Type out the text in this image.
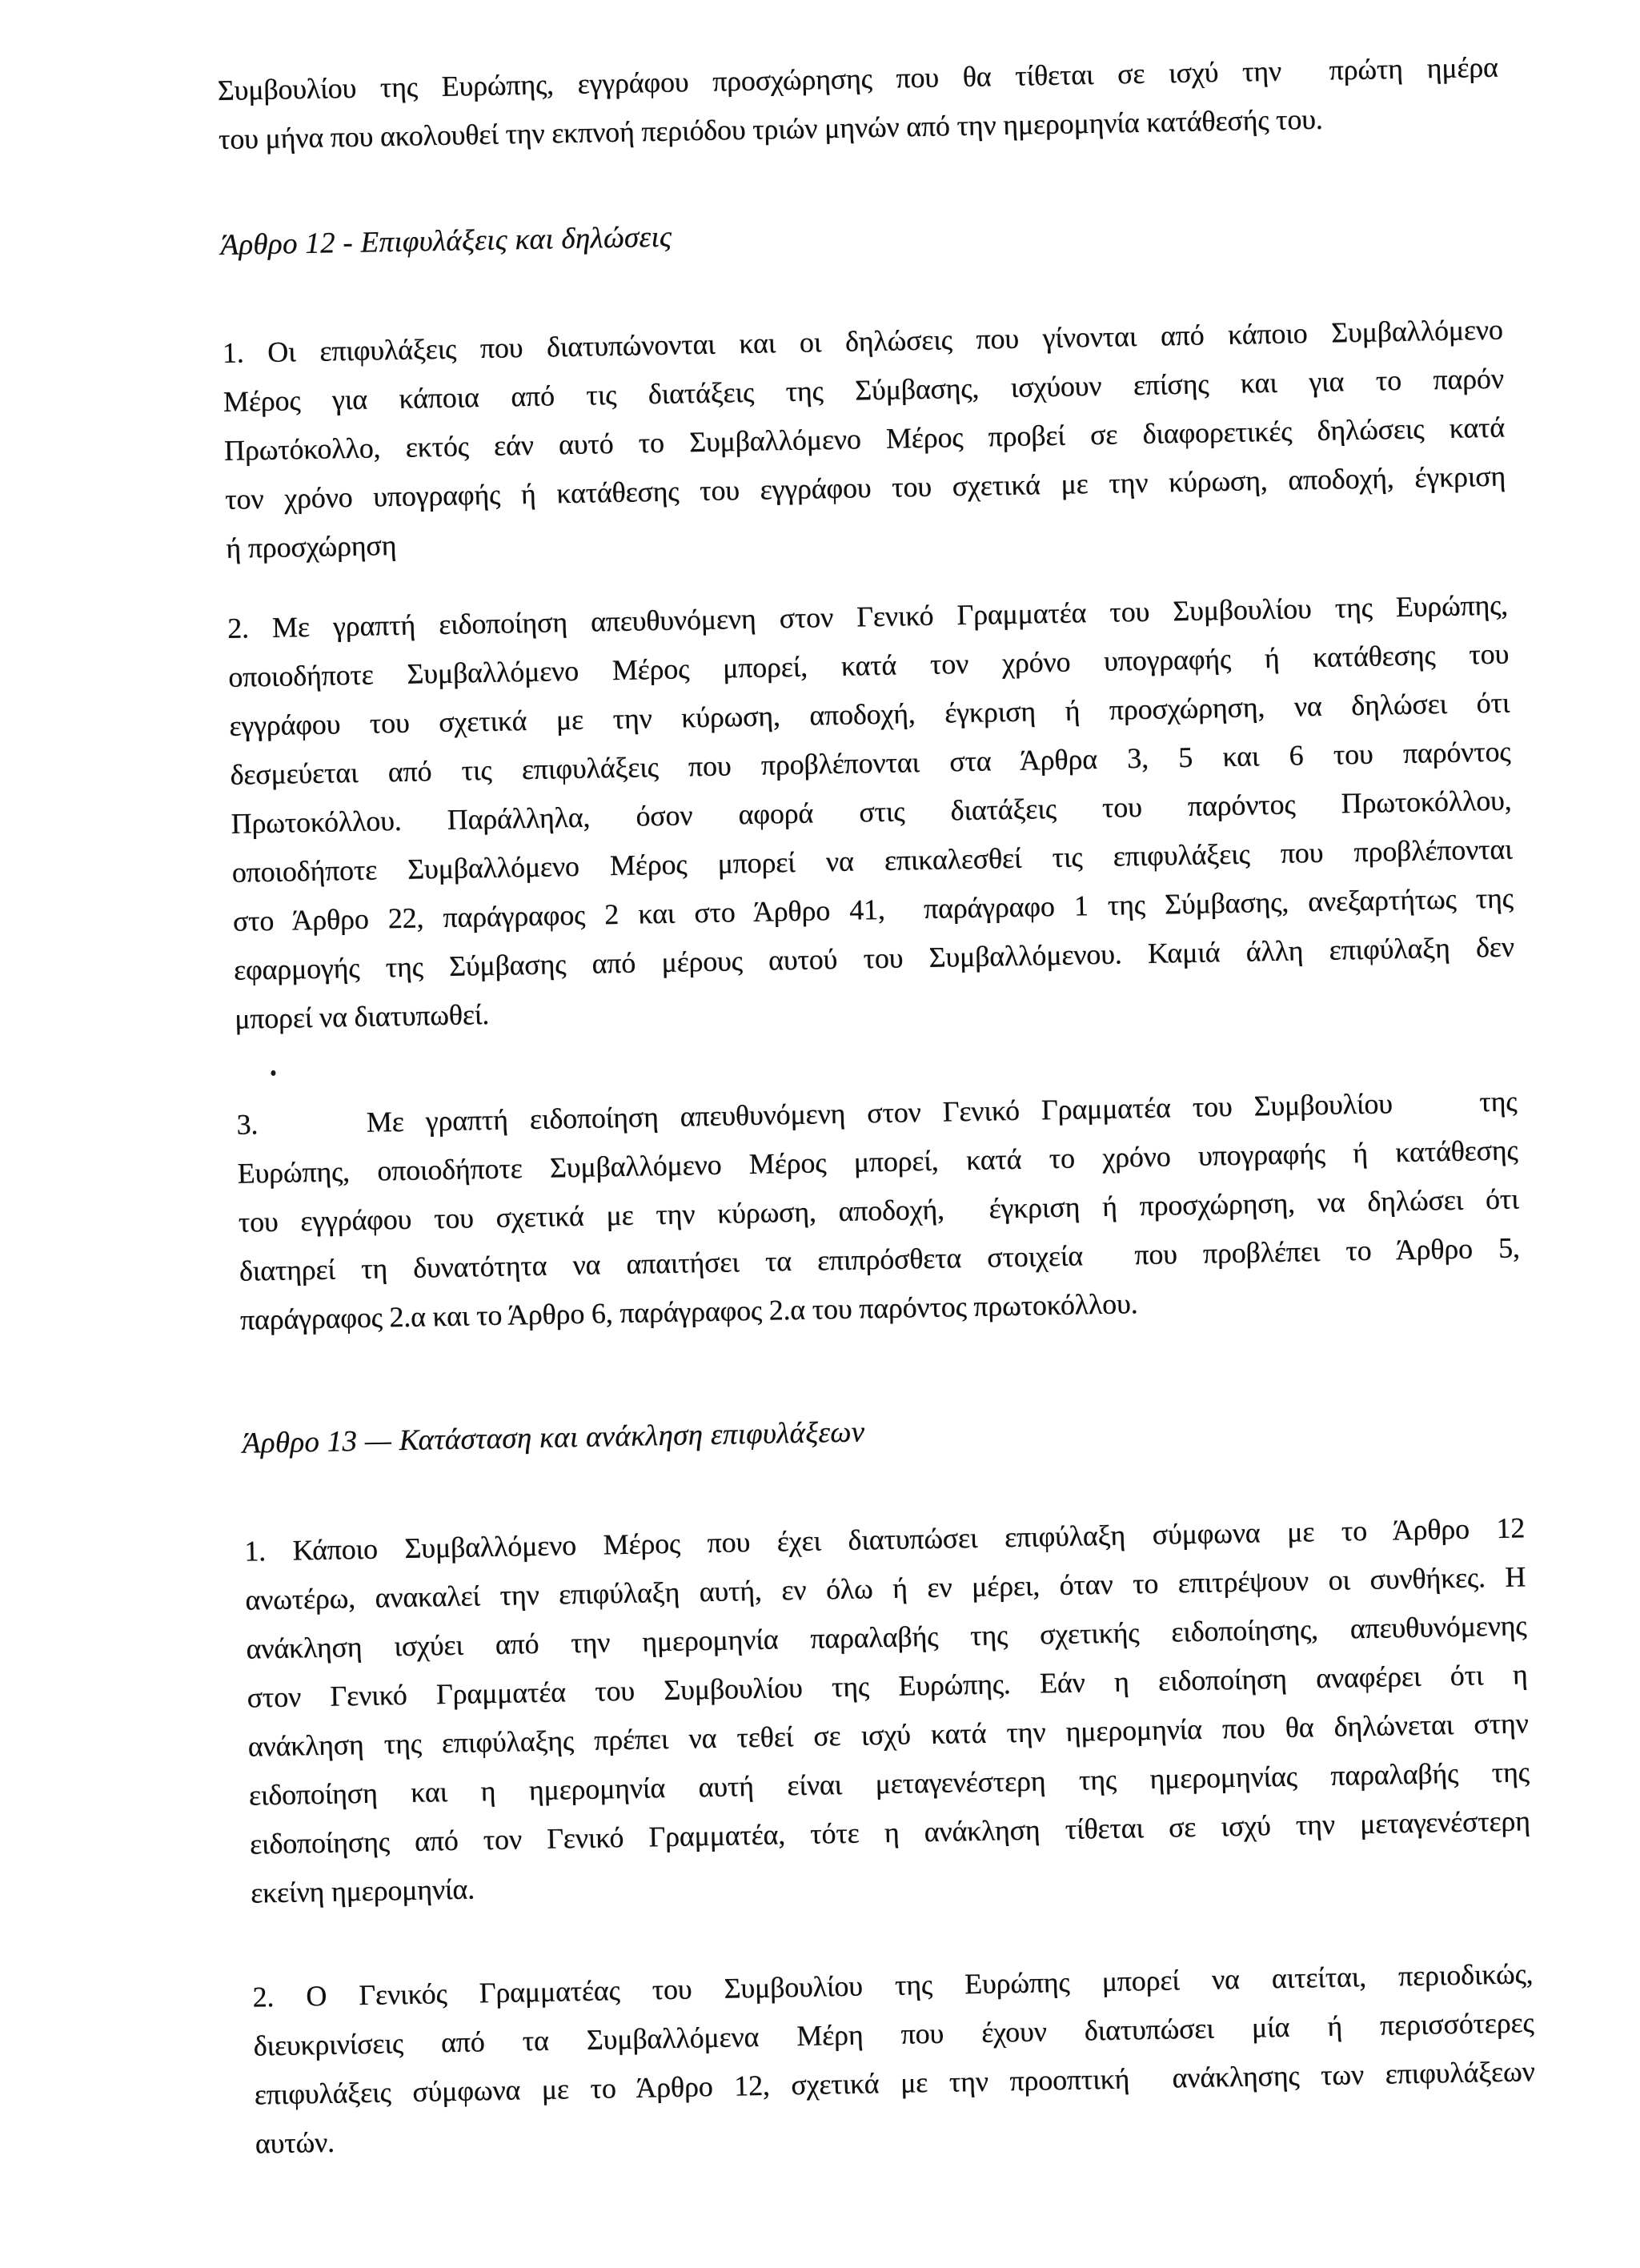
Συμβουλίου της Ευρώπης, εγγράφου προσχώρησης που θα τίθεται σε ισχύ την  πρώτη ημέρα
του μήνα που ακολουθεί την εκπνοή περιόδου τριών μηνών από την ημερομηνία κατάθεσής του.
Άρθρο 12 - Επιφυλάξεις και δηλώσεις
1. Οι επιφυλάξεις που διατυπώνονται και οι δηλώσεις που γίνονται από κάποιο Συμβαλλόμενο
Μέρος για κάποια από τις διατάξεις της Σύμβασης, ισχύουν επίσης και για το παρόν
Πρωτόκολλο, εκτός εάν αυτό το Συμβαλλόμενο Μέρος προβεί σε διαφορετικές δηλώσεις κατά
τον χρόνο υπογραφής ή κατάθεσης του εγγράφου του σχετικά με την κύρωση, αποδοχή, έγκριση
ή προσχώρηση
2. Με γραπτή ειδοποίηση απευθυνόμενη στον Γενικό Γραμματέα του Συμβουλίου της Ευρώπης,
οποιοδήποτε Συμβαλλόμενο Μέρος μπορεί, κατά τον χρόνο υπογραφής ή κατάθεσης του
εγγράφου του σχετικά με την κύρωση, αποδοχή, έγκριση ή προσχώρηση, να δηλώσει ότι
δεσμεύεται από τις επιφυλάξεις που προβλέπονται στα Άρθρα 3, 5 και 6 του παρόντος
Πρωτοκόλλου. Παράλληλα, όσον αφορά στις διατάξεις του παρόντος Πρωτοκόλλου,
οποιοδήποτε Συμβαλλόμενο Μέρος μπορεί να επικαλεσθεί τις επιφυλάξεις που προβλέπονται
στο Άρθρο 22, παράγραφος 2 και στο Άρθρο 41,  παράγραφο 1 της Σύμβασης, ανεξαρτήτως της
εφαρμογής της Σύμβασης από μέρους αυτού του Συμβαλλόμενου. Καμιά άλλη επιφύλαξη δεν
μπορεί να διατυπωθεί.
3.     Με γραπτή ειδοποίηση απευθυνόμενη στον Γενικό Γραμματέα του Συμβουλίου    της
Ευρώπης, οποιοδήποτε Συμβαλλόμενο Μέρος μπορεί, κατά το χρόνο υπογραφής ή κατάθεσης
του εγγράφου του σχετικά με την κύρωση, αποδοχή,  έγκριση ή προσχώρηση, να δηλώσει ότι
διατηρεί τη δυνατότητα να απαιτήσει τα επιπρόσθετα στοιχεία  που προβλέπει το Άρθρο 5,
παράγραφος 2.α και το Άρθρο 6, παράγραφος 2.α του παρόντος πρωτοκόλλου.
Άρθρο 13 — Κατάσταση και ανάκληση επιφυλάξεων
1. Κάποιο Συμβαλλόμενο Μέρος που έχει διατυπώσει επιφύλαξη σύμφωνα με το Άρθρο 12
ανωτέρω, ανακαλεί την επιφύλαξη αυτή, εν όλω ή εν μέρει, όταν το επιτρέψουν οι συνθήκες. Η
ανάκληση ισχύει από την ημερομηνία παραλαβής της σχετικής ειδοποίησης, απευθυνόμενης
στον Γενικό Γραμματέα του Συμβουλίου της Ευρώπης. Εάν η ειδοποίηση αναφέρει ότι η
ανάκληση της επιφύλαξης πρέπει να τεθεί σε ισχύ κατά την ημερομηνία που θα δηλώνεται στην
ειδοποίηση και η ημερομηνία αυτή είναι μεταγενέστερη της ημερομηνίας παραλαβής της
ειδοποίησης από τον Γενικό Γραμματέα, τότε η ανάκληση τίθεται σε ισχύ την μεταγενέστερη
εκείνη ημερομηνία.
2. Ο Γενικός Γραμματέας του Συμβουλίου της Ευρώπης μπορεί να αιτείται, περιοδικώς,
διευκρινίσεις από τα Συμβαλλόμενα Μέρη που έχουν διατυπώσει μία ή περισσότερες
επιφυλάξεις σύμφωνα με το Άρθρο 12, σχετικά με την προοπτική  ανάκλησης των επιφυλάξεων
αυτών.
